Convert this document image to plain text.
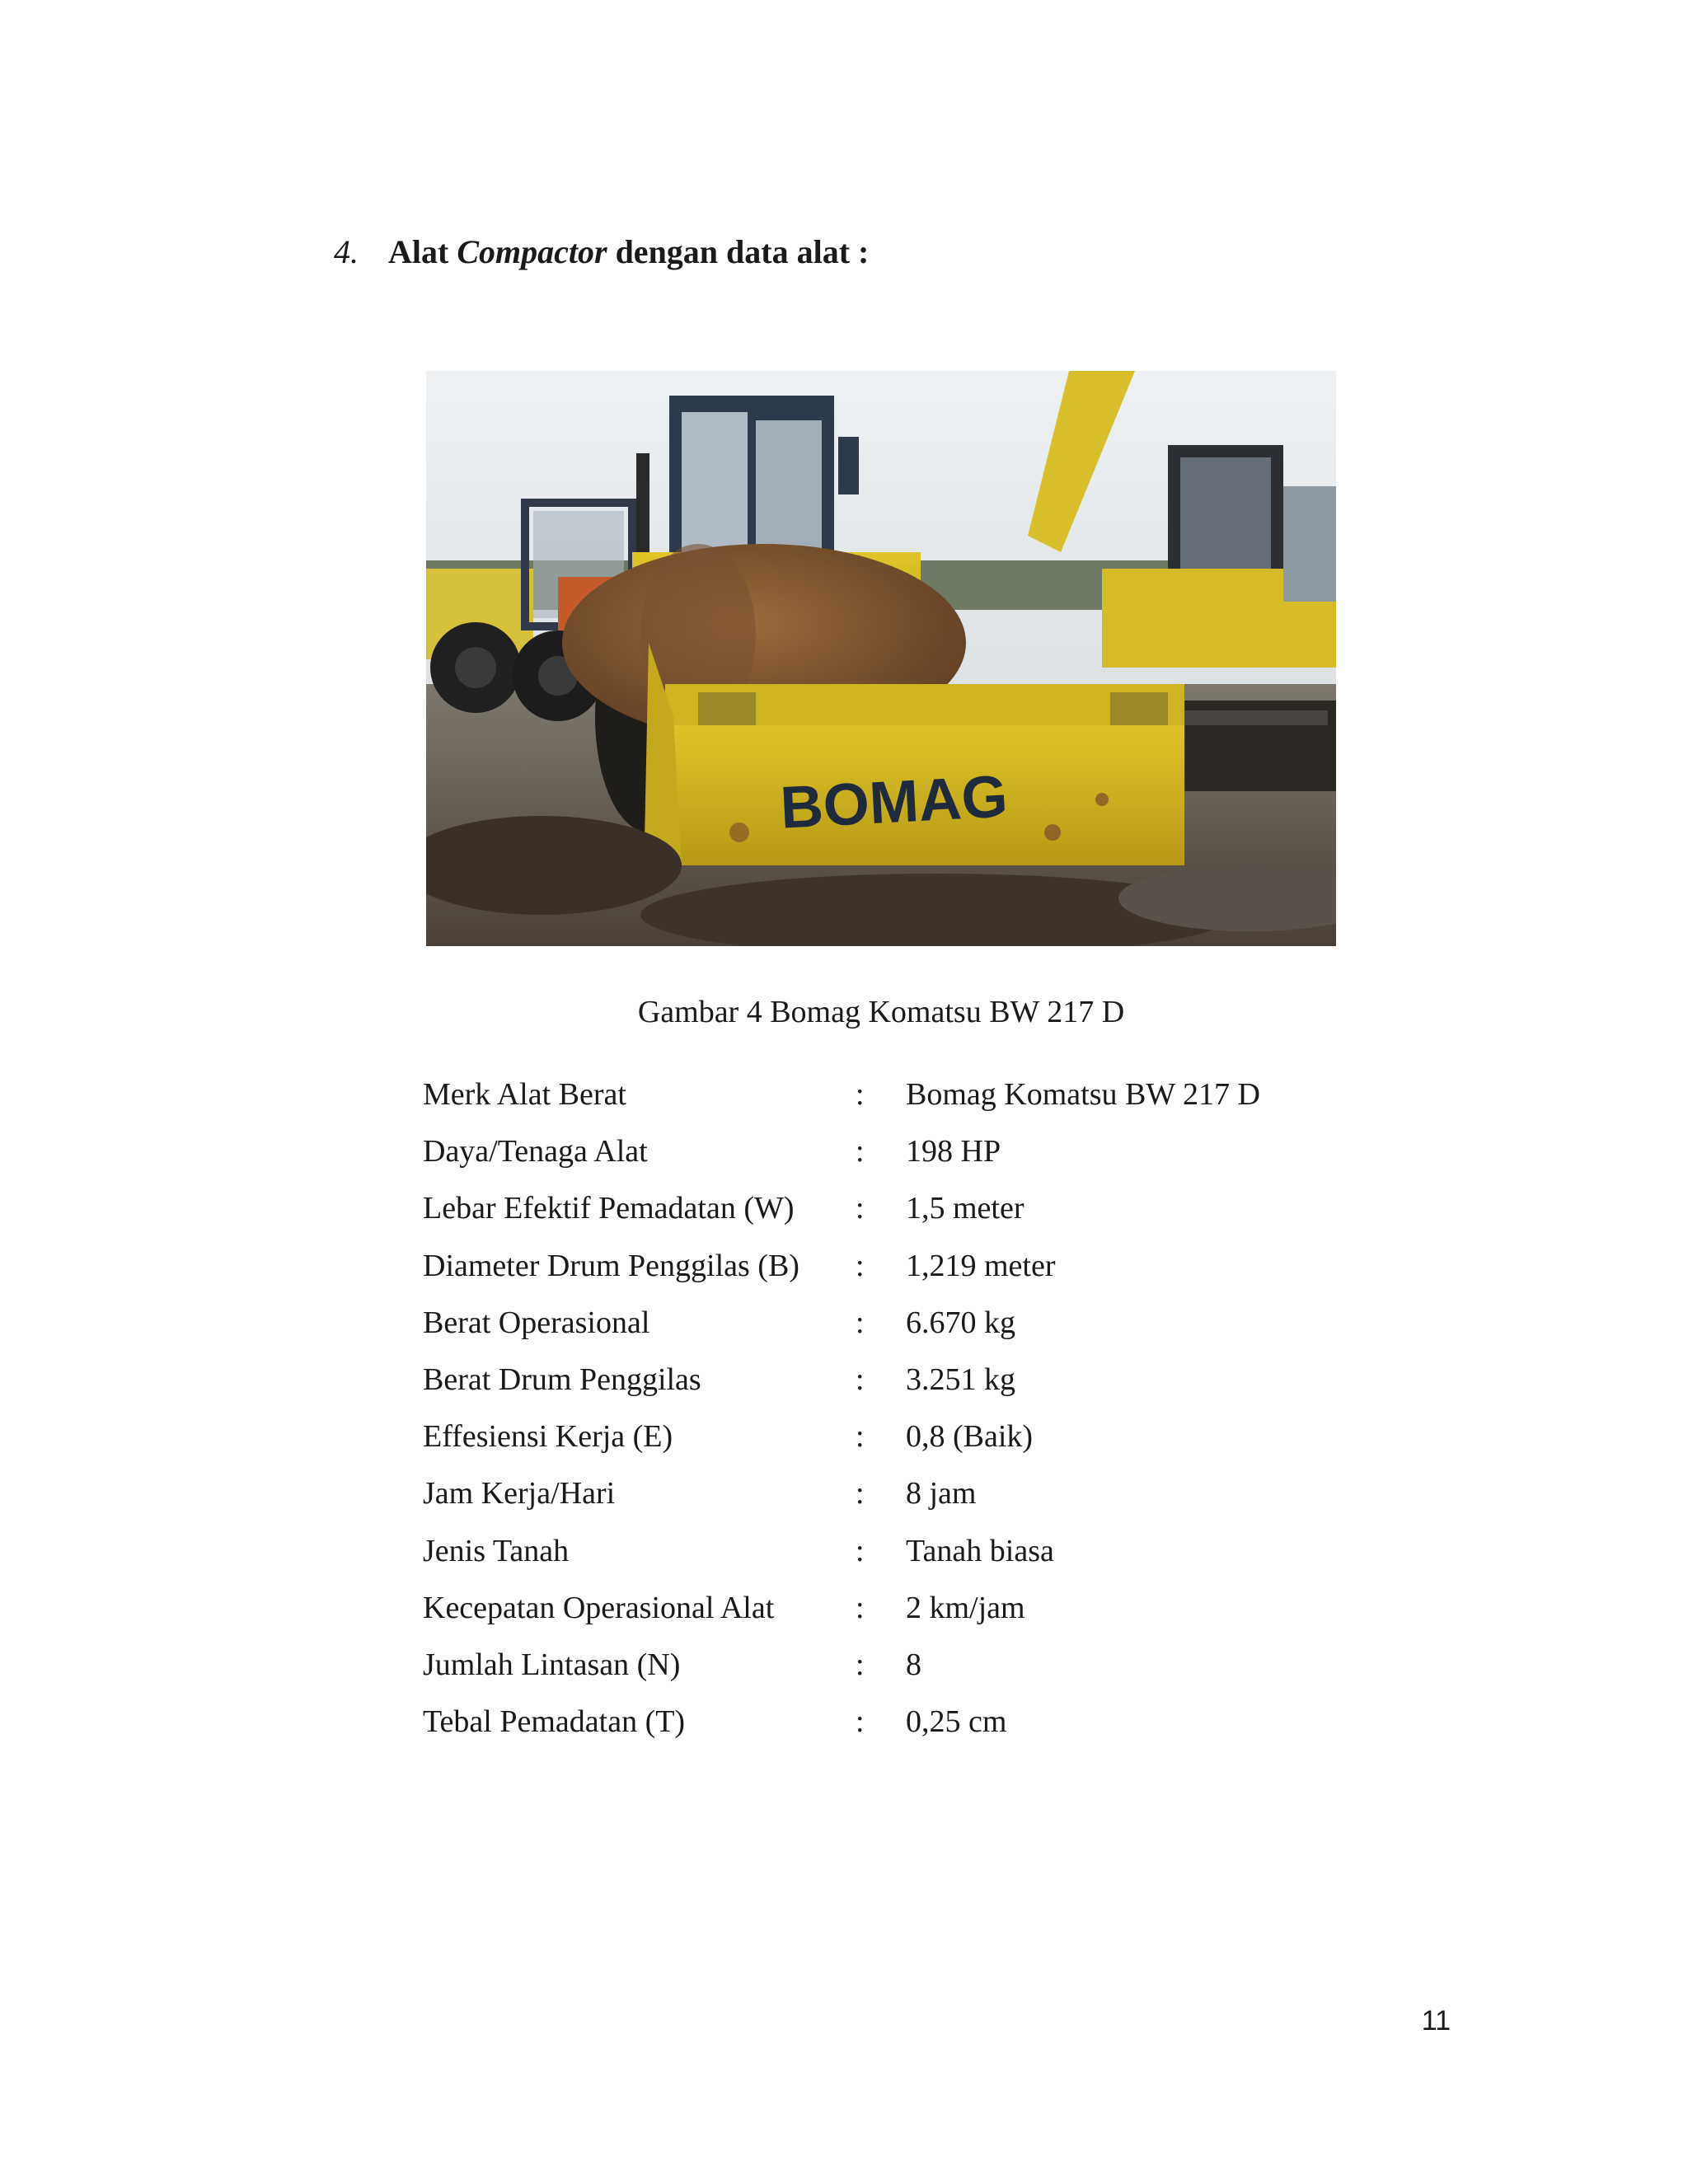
4. Alat Compactor dengan data alat :
BOMAG
Gambar 4 Bomag Komatsu BW 217 D
Merk Alat Berat	: Bomag Komatsu BW 217 D
Daya/Tenaga Alat	: 198 HP
Lebar Efektif Pemadatan (W) : 1,5 meter
Diameter Drum Penggilas (B) : 1,219 meter
Berat Operasional	: 6.670 kg
Berat Drum Penggilas	: 3.251 kg
Effesiensi Kerja (E)	: 0,8 (Baik)
Jam Kerja/Hari	: 8 jam
Jenis Tanah	: Tanah biasa
Kecepatan Operasional Alat	: 2 km/jam
Jumlah Lintasan (N)	: 8
Tebal Pemadatan (T)	: 0,25 cm
11
